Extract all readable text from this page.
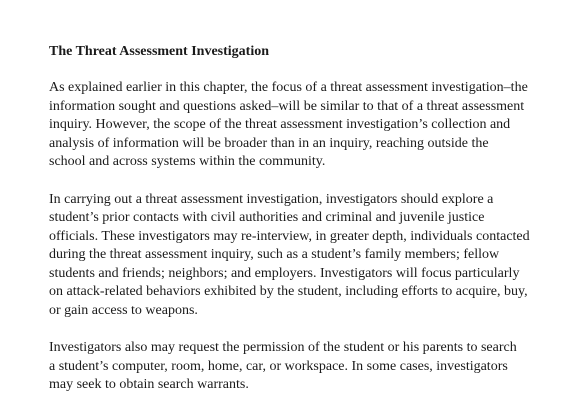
The Threat Assessment Investigation
As explained earlier in this chapter, the focus of a threat assessment investigation–the
information sought and questions asked–will be similar to that of a threat assessment
inquiry. However, the scope of the threat assessment investigation’s collection and
analysis of information will be broader than in an inquiry, reaching outside the
school and across systems within the community.
In carrying out a threat assessment investigation, investigators should explore a
student’s prior contacts with civil authorities and criminal and juvenile justice
officials. These investigators may re-interview, in greater depth, individuals contacted
during the threat assessment inquiry, such as a student’s family members; fellow
students and friends; neighbors; and employers. Investigators will focus particularly
on attack-related behaviors exhibited by the student, including efforts to acquire, buy,
or gain access to weapons.
Investigators also may request the permission of the student or his parents to search
a student’s computer, room, home, car, or workspace. In some cases, investigators
may seek to obtain search warrants.
